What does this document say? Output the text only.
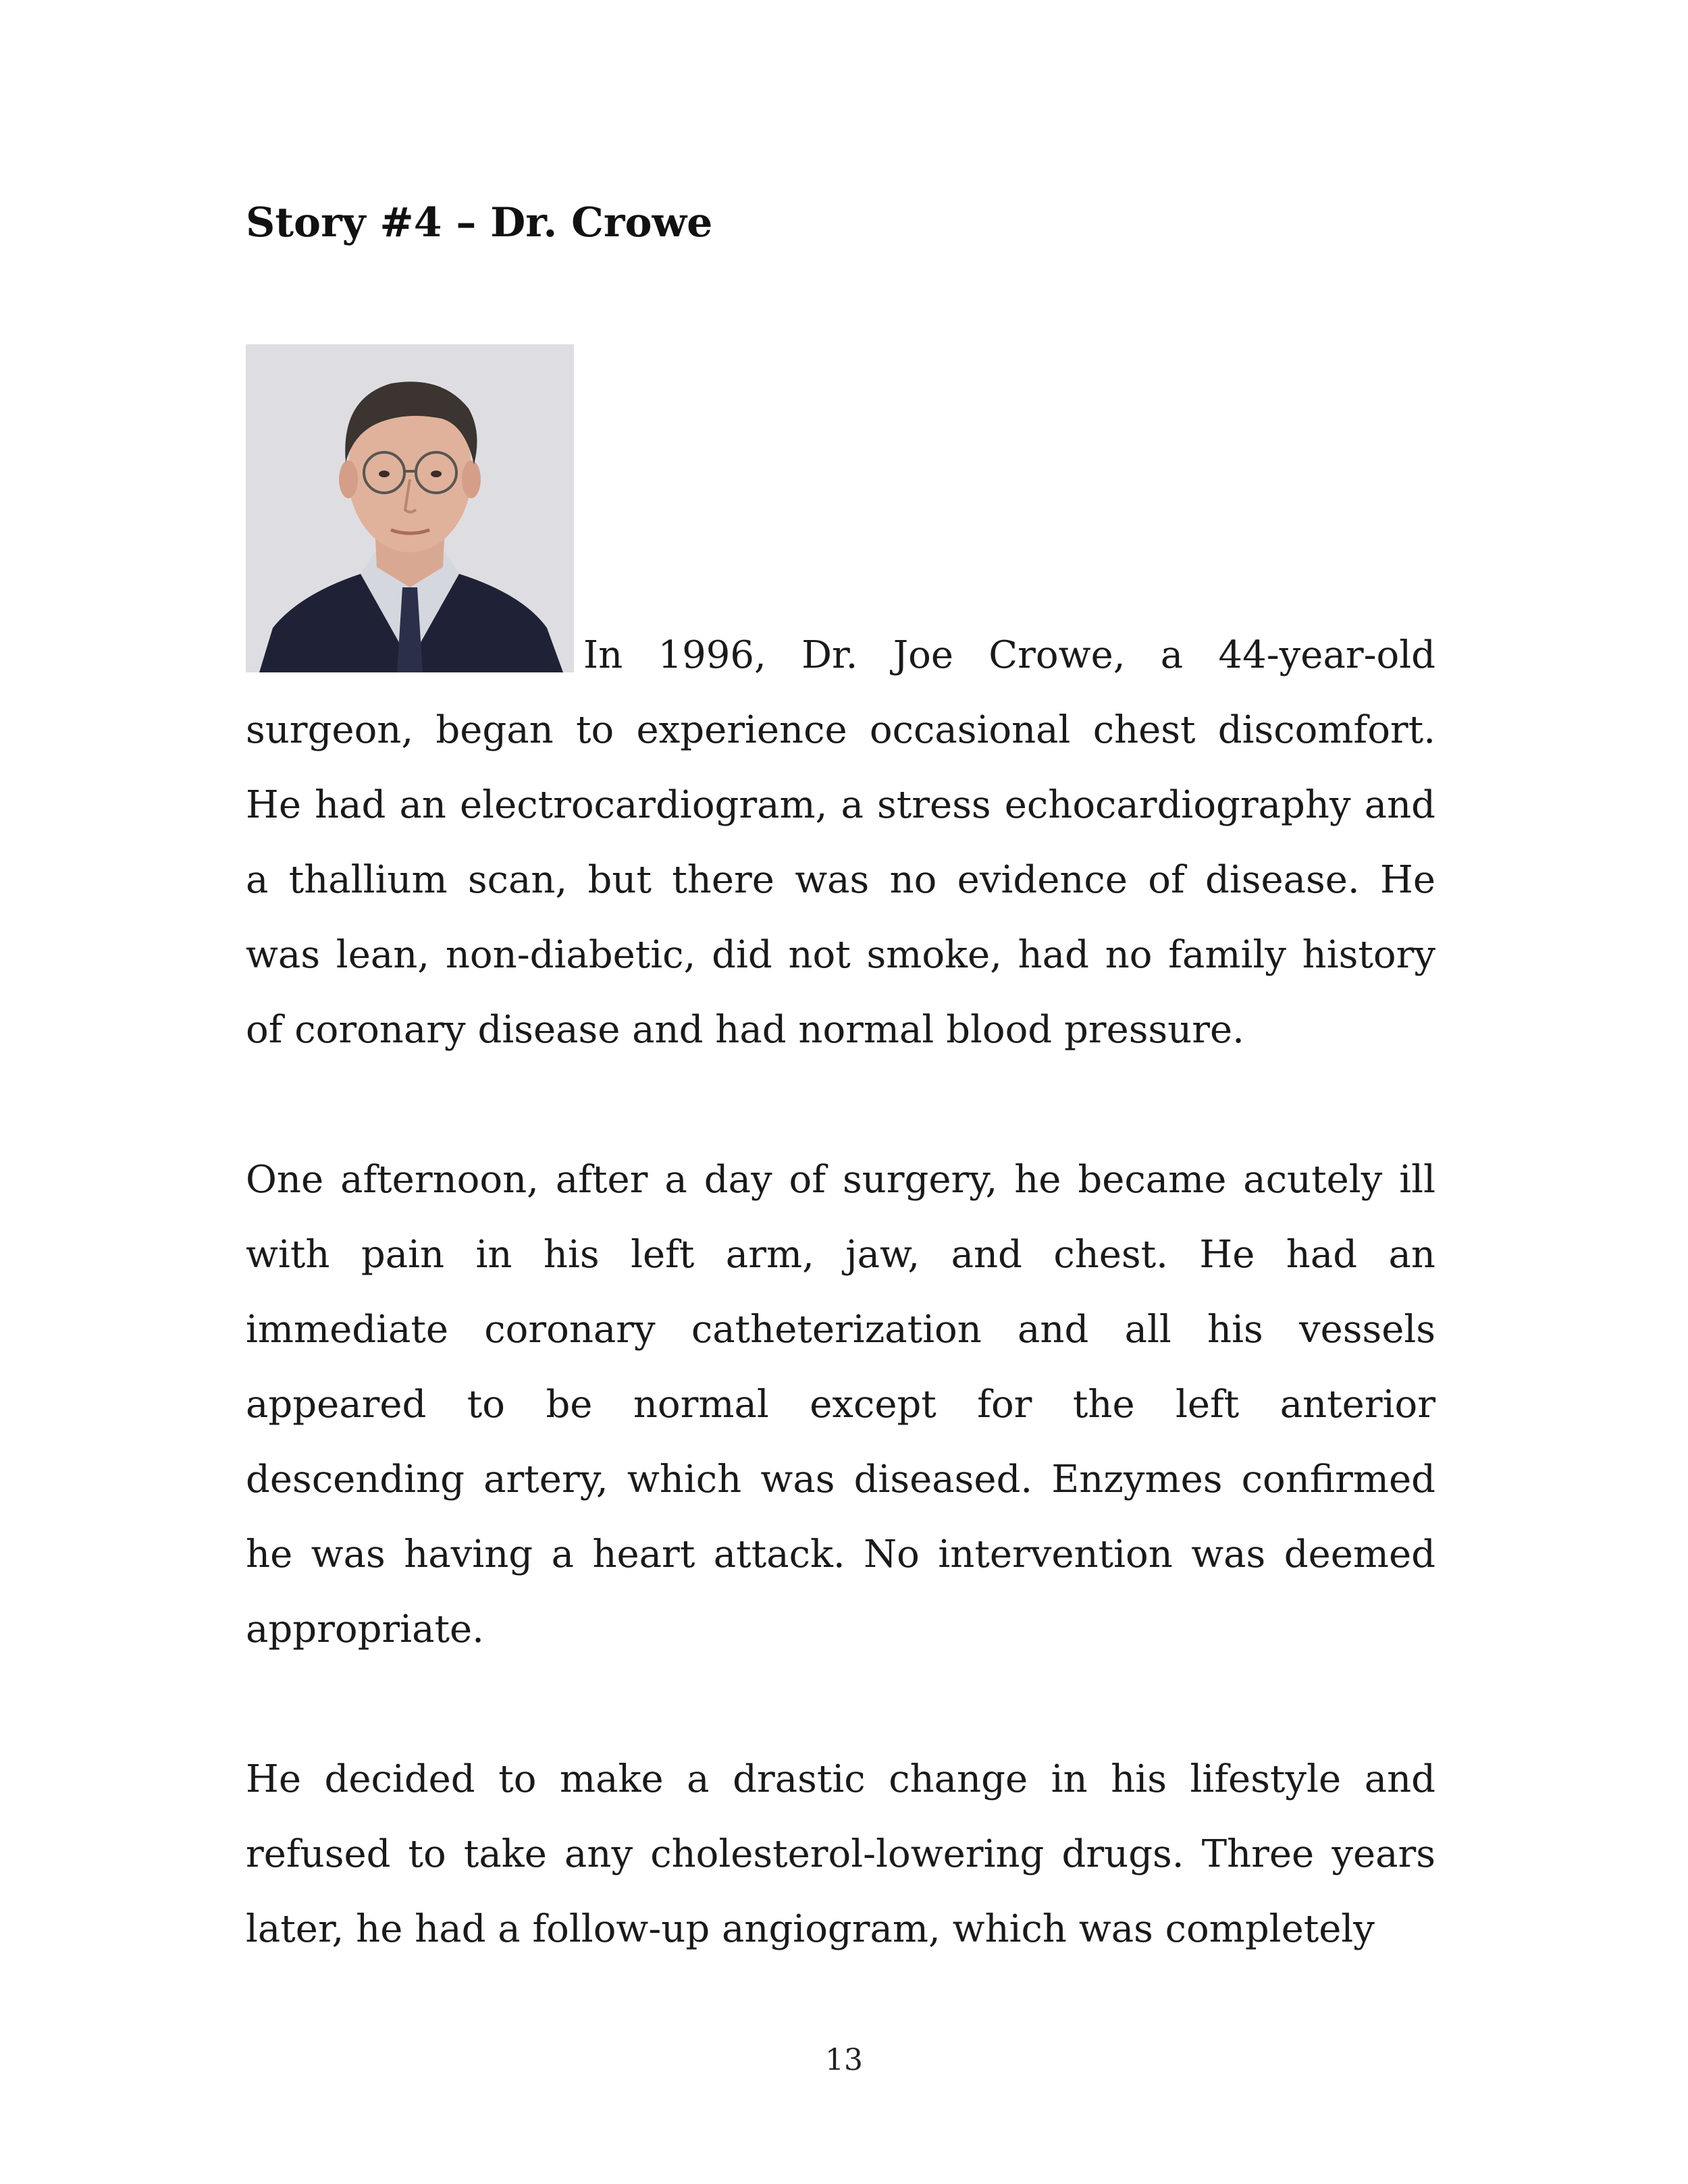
Story #4 – Dr. Crowe

In 1996, Dr. Joe Crowe, a 44-year-old surgeon, began to experience occasional chest discomfort. He had an electrocardiogram, a stress echocardiography and a thallium scan, but there was no evidence of disease. He was lean, non-diabetic, did not smoke, had no family history of coronary disease and had normal blood pressure.

One afternoon, after a day of surgery, he became acutely ill with pain in his left arm, jaw, and chest. He had an immediate coronary catheterization and all his vessels appeared to be normal except for the left anterior descending artery, which was diseased. Enzymes confirmed he was having a heart attack. No intervention was deemed appropriate.

He decided to make a drastic change in his lifestyle and refused to take any cholesterol-lowering drugs. Three years later, he had a follow-up angiogram, which was completely

13
